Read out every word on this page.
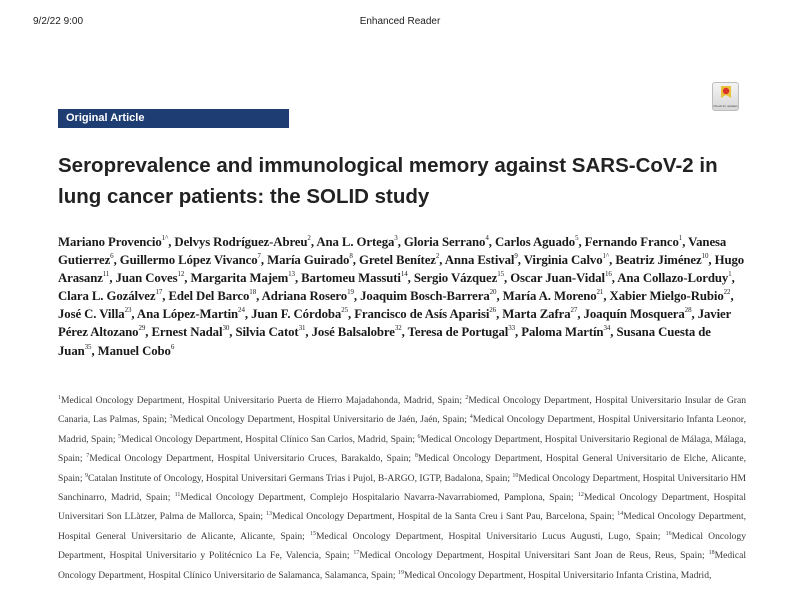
9/2/22 9:00	Enhanced Reader
Check for updates
Original Article
Seroprevalence and immunological memory against SARS-CoV-2 in lung cancer patients: the SOLID study

Mariano Provencio$^{1\^{}}$, Delvys Rodríguez-Abreu$^2$, Ana L. Ortega$^3$, Gloria Serrano$^4$, Carlos Aguado$^5$, Fernando Franco$^1$, Vanesa Gutierrez$^6$, Guillermo López Vivanco$^7$, María Guirado$^8$, Gretel Benítez$^2$, Anna Estival$^9$, Virginia Calvo$^{1\^{}}$, Beatriz Jiménez$^{10}$, Hugo Arasanz$^{11}$, Juan Coves$^{12}$, Margarita Majem$^{13}$, Bartomeu Massuti$^{14}$, Sergio Vázquez$^{15}$, Oscar Juan-Vidal$^{16}$, Ana Collazo-Lorduy$^1$, Clara L. Gozálvez$^{17}$, Edel Del Barco$^{18}$, Adriana Rosero$^{19}$, Joaquim Bosch-Barrera$^{20}$, María A. Moreno$^{21}$, Xabier Mielgo-Rubio$^{22}$, José C. Villa$^{23}$, Ana López-Martin$^{24}$, Juan F. Córdoba$^{25}$, Francisco de Asís Aparisi$^{26}$, Marta Zafra$^{27}$, Joaquín Mosquera$^{28}$, Javier Pérez Altozano$^{29}$, Ernest Nadal$^{30}$, Silvia Catot$^{31}$, José Balsalobre$^{32}$, Teresa de Portugal$^{33}$, Paloma Martín$^{34}$, Susana Cuesta de Juan$^{35}$, Manuel Cobo$^6$

$^1$Medical Oncology Department, Hospital Universitario Puerta de Hierro Majadahonda, Madrid, Spain; $^2$Medical Oncology Department, Hospital Universitario Insular de Gran Canaria, Las Palmas, Spain; $^3$Medical Oncology Department, Hospital Universitario de Jaén, Jaén, Spain; $^4$Medical Oncology Department, Hospital Universitario Infanta Leonor, Madrid, Spain; $^5$Medical Oncology Department, Hospital Clínico San Carlos, Madrid, Spain; $^6$Medical Oncology Department, Hospital Universitario Regional de Málaga, Málaga, Spain; $^7$Medical Oncology Department, Hospital Universitario Cruces, Barakaldo, Spain; $^8$Medical Oncology Department, Hospital General Universitario de Elche, Alicante, Spain; $^9$Catalan Institute of Oncology, Hospital Universitari Germans Trias i Pujol, B-ARGO, IGTP, Badalona, Spain; $^{10}$Medical Oncology Department, Hospital Universitario HM Sanchinarro, Madrid, Spain; $^{11}$Medical Oncology Department, Complejo Hospitalario Navarra-Navarrabiomed, Pamplona, Spain; $^{12}$Medical Oncology Department, Hospital Universitari Son LLàtzer, Palma de Mallorca, Spain; $^{13}$Medical Oncology Department, Hospital de la Santa Creu i Sant Pau, Barcelona, Spain; $^{14}$Medical Oncology Department, Hospital General Universitario de Alicante, Alicante, Spain; $^{15}$Medical Oncology Department, Hospital Universitario Lucus Augusti, Lugo, Spain; $^{16}$Medical Oncology Department, Hospital Universitario y Politécnico La Fe, Valencia, Spain; $^{17}$Medical Oncology Department, Hospital Universitari Sant Joan de Reus, Reus, Spain; $^{18}$Medical Oncology Department, Hospital Clínico Universitario de Salamanca, Salamanca, Spain; $^{19}$Medical Oncology Department, Hospital Universitario Infanta Cristina, Madrid,
